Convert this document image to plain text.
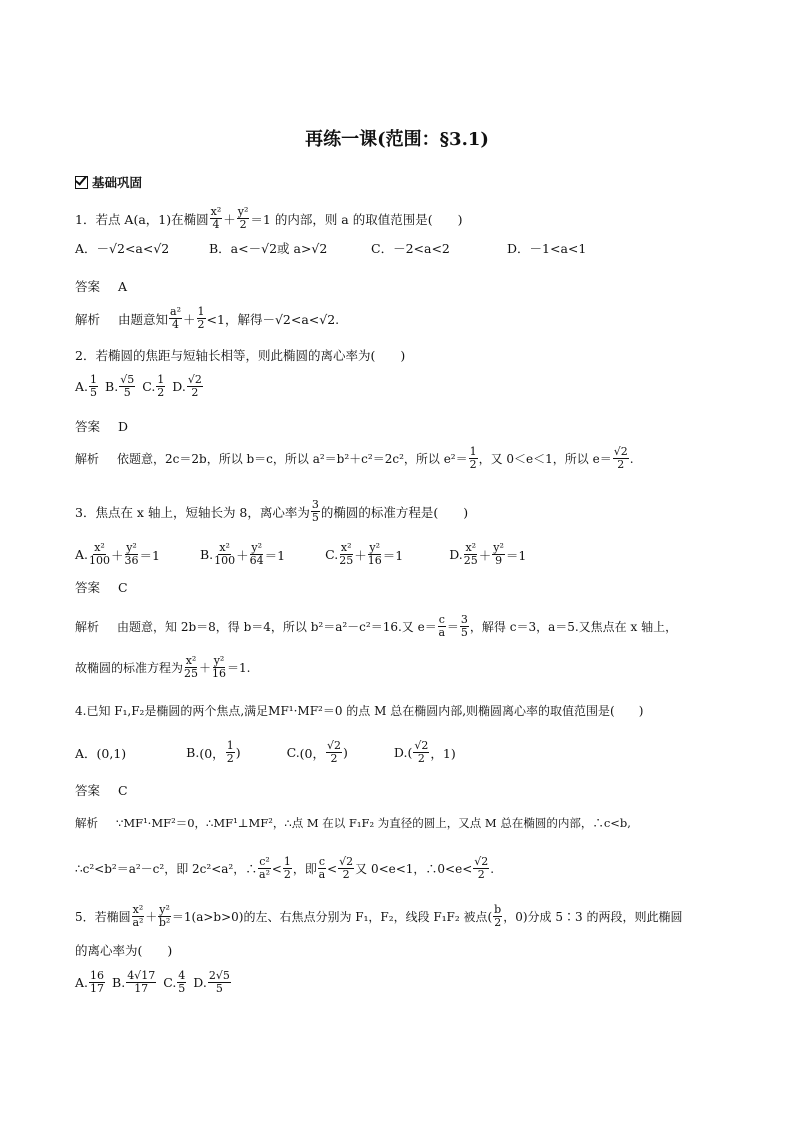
再练一课(范围：§3.1)
基础巩固
1．若点 A(a，1)在椭圆 $\frac{\text{x²}}{4} + \frac{\text{y²}}{2} =1$ 的内部，则 a 的取值范围是(　　)
A．－√2<a<√2	B．a<－√2或 a>√2	C．－2<a<2	D．－1<a<1
答案 A
解析 由题意知 $\frac{\text{a²}}{4} + \frac{1}{2} <1$，解得－√2<a<√2.
2．若椭圆的焦距与短轴长相等，则此椭圆的离心率为(　　)
A. $\frac{1}{5} B$. $\frac{√5}{5} C$. $\frac{1}{2} D$. $\frac{√2}{2}$
答案 D
解析 依题意，2c＝2b，所以 b＝c，所以 a²＝b²＋c²＝2c²，所以 $e^2= \frac{1}{2}$ ，又 0＜e＜1，所以 $e= \frac{√2}{2}$ .
3．焦点在 x 轴上，短轴长为 8，离心率为 $\frac{3}{5}$ 的椭圆的标准方程是(　　)
A. $\frac{\text{x²}}{100} + \frac{\text{y²}}{36} =1$	B. $\frac{\text{x²}}{100} + \frac{\text{y²}}{64} =1$	C. $\frac{\text{x²}}{25} + \frac{\text{y²}}{16} =1$	D. $\frac{\text{x²}}{25} + \frac{\text{y²}}{9} =1$
答案 C
解析 由题意，知 2b＝8，得 b＝4，所以 b²＝a²－c²＝16.又 $e= \frac{c}{a} = \frac{3}{5}$ ，解得 c＝3，a＝5.又焦点在 x 轴上，
故椭圆的标准方程为 $\frac{\text{x²}}{25} + \frac{\text{y²}}{16} =1$.
4.已知 F₁,F₂是椭圆的两个焦点,满足MF¹·MF²＝0 的点 M 总在椭圆内部,则椭圆离心率的取值范围是(　　)
A．(0,1)	B. (0， $\frac{1}{2}$ )	C. (0， $\frac{√2}{2}$ )	D. ( $\frac{√2}{2}$ ，1)
答案 C
解析 ∵MF¹·MF²＝0，∴MF¹⊥MF²，∴点 M 在以 F₁F₂ 为直径的圆上，又点 M 总在椭圆的内部，∴c<b,
∴c²<b²＝a²－c²，即 2c²<a²，∴ $\frac{\text{c²}}{\text{a²}} < \frac{1}{2}$ ，即 $\frac{c}{a} < \frac{√2}{2}$ 又 0<e<1，∴0<e< $\frac{√2}{2}$ .
5．若椭圆 $\frac{\text{x²}}{\text{a²}} + \frac{\text{y²}}{\text{b²}} =1(a>b>0)$的左、右焦点分别为 F₁，F₂，线段 F₁F₂ 被点 ( $\frac{b}{2}$ ，0) 分成 5∶3 的两段，则此椭圆
的离心率为(　　)
A. $\frac{16}{17} B$. $\frac{4√17}{17} C$. $\frac{4}{5} D$. $\frac{2√5}{5}$
